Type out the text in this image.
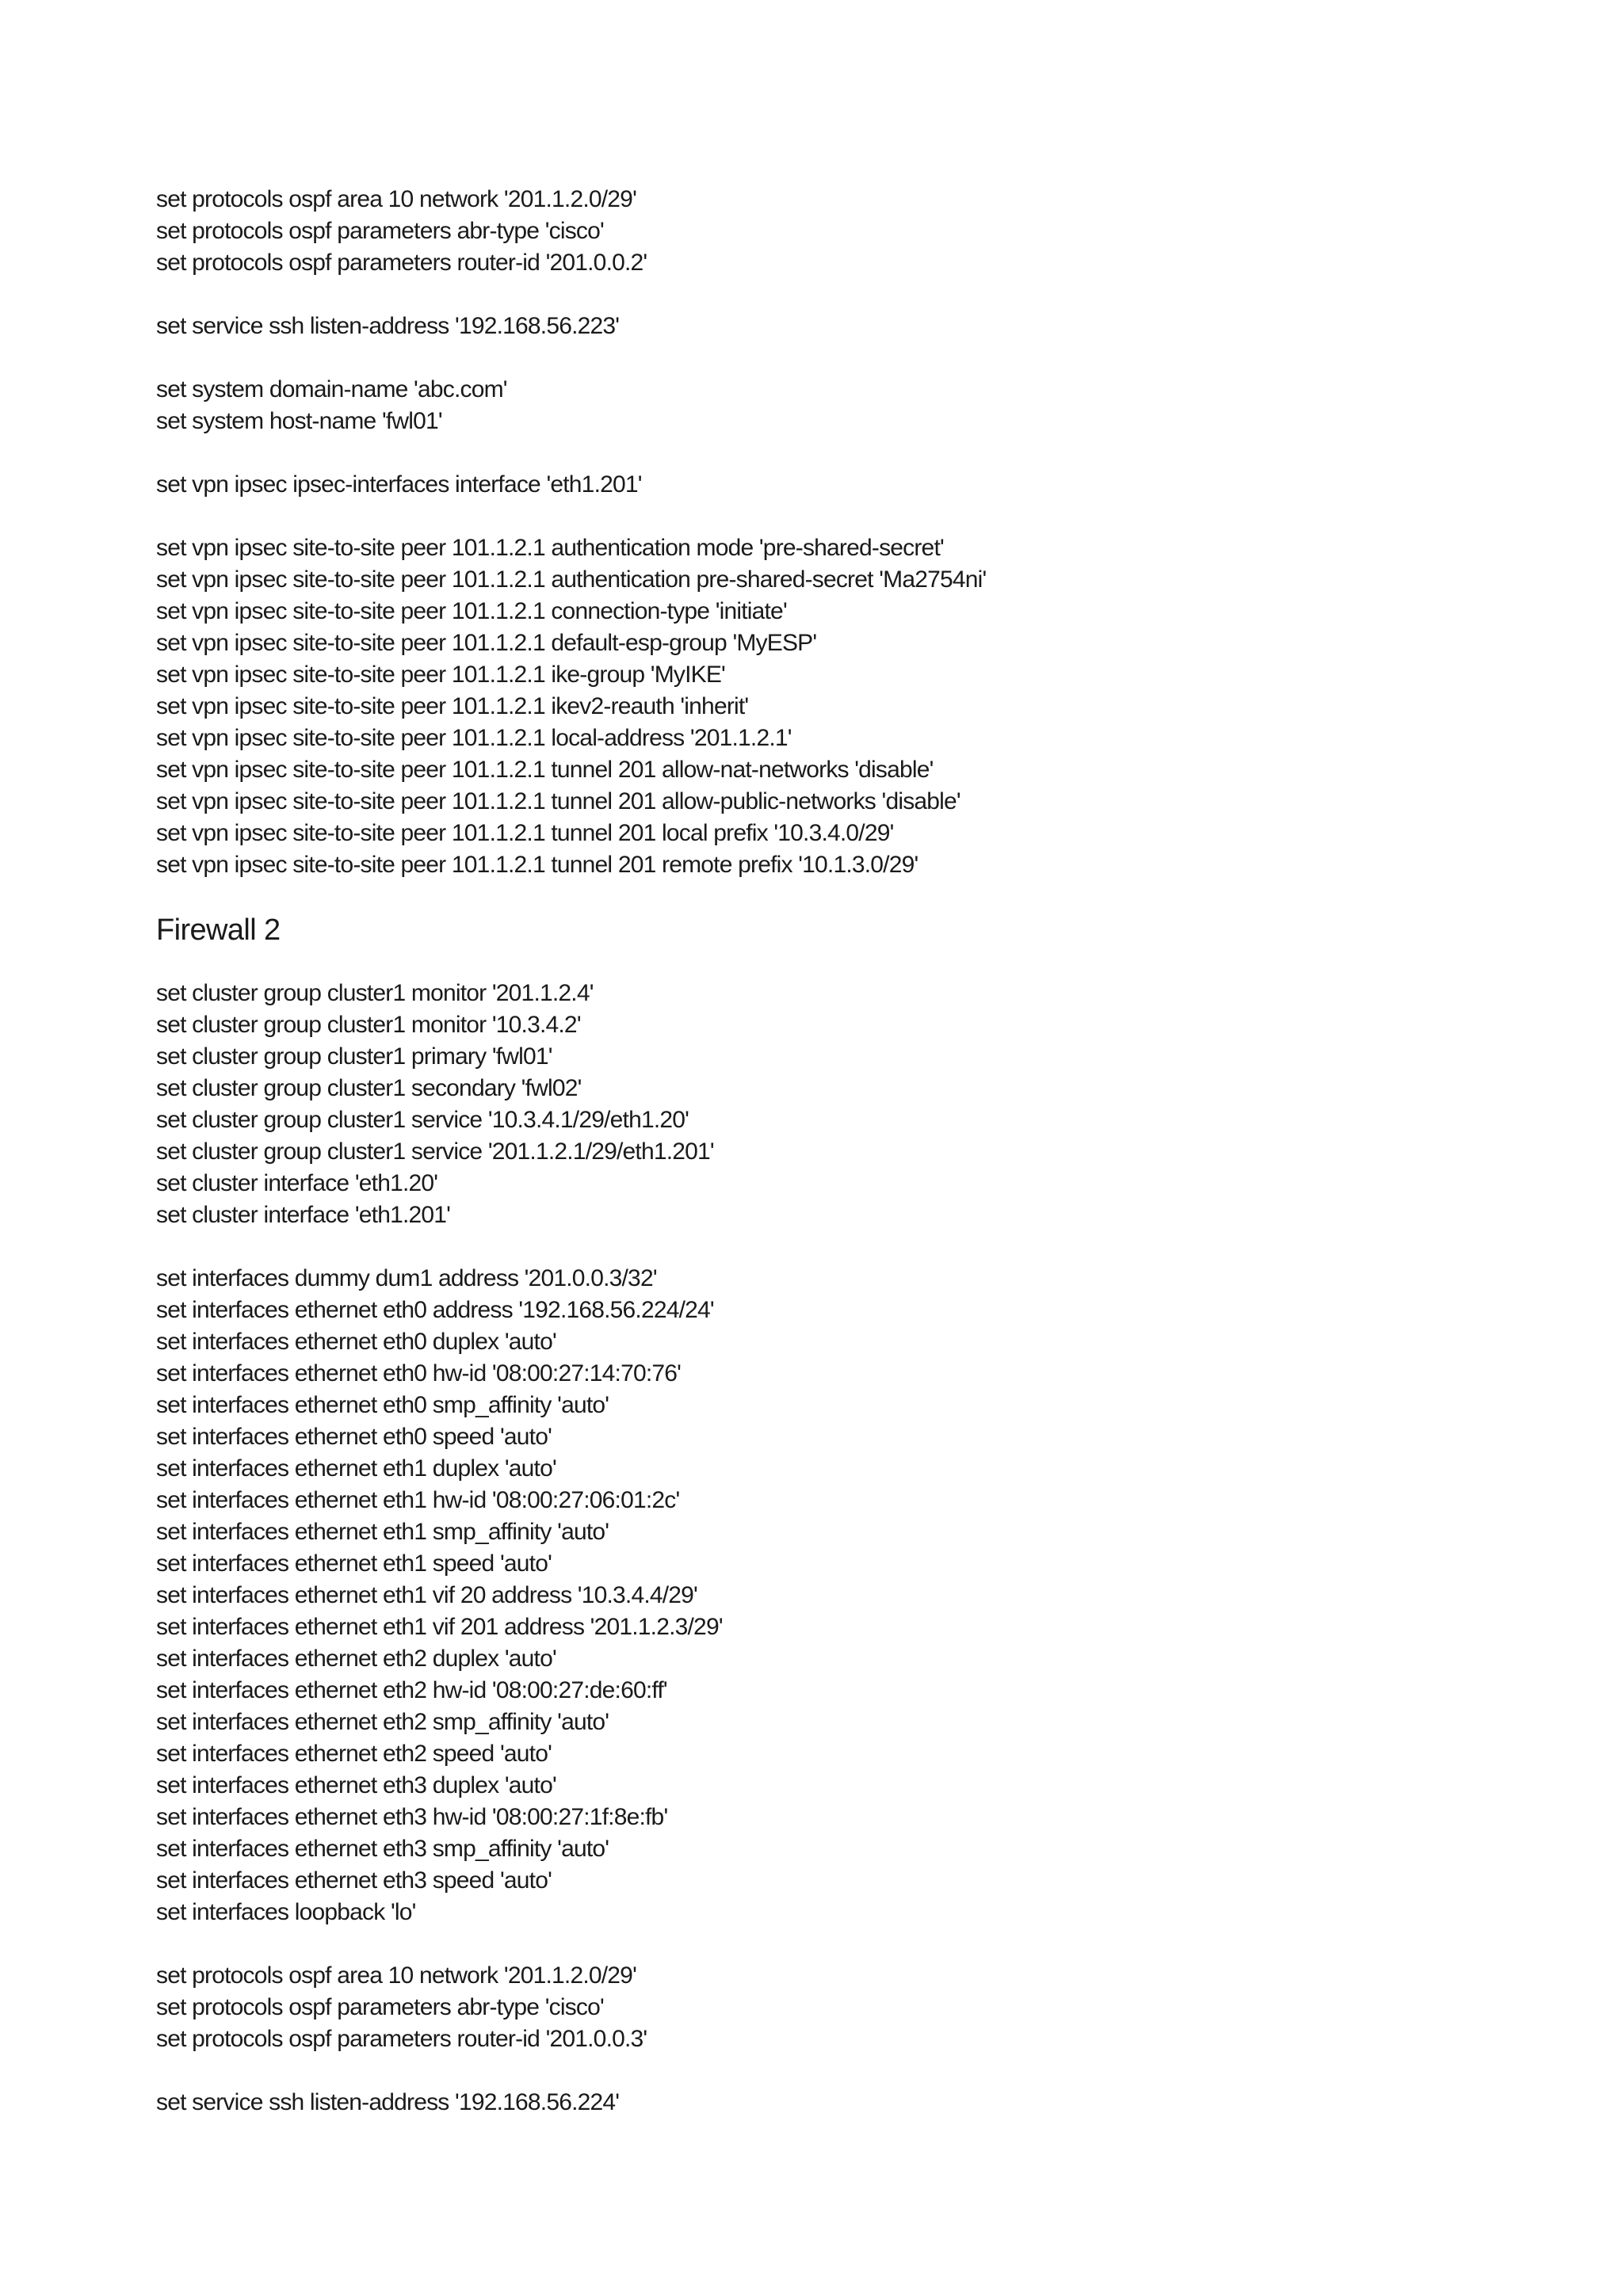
set protocols ospf area 10 network '201.1.2.0/29'
set protocols ospf parameters abr-type 'cisco'
set protocols ospf parameters router-id '201.0.0.2'
set service ssh listen-address '192.168.56.223'
set system domain-name 'abc.com'
set system host-name 'fwl01'
set vpn ipsec ipsec-interfaces interface 'eth1.201'
set vpn ipsec site-to-site peer 101.1.2.1 authentication mode 'pre-shared-secret'
set vpn ipsec site-to-site peer 101.1.2.1 authentication pre-shared-secret 'Ma2754ni'
set vpn ipsec site-to-site peer 101.1.2.1 connection-type 'initiate'
set vpn ipsec site-to-site peer 101.1.2.1 default-esp-group 'MyESP'
set vpn ipsec site-to-site peer 101.1.2.1 ike-group 'MyIKE'
set vpn ipsec site-to-site peer 101.1.2.1 ikev2-reauth 'inherit'
set vpn ipsec site-to-site peer 101.1.2.1 local-address '201.1.2.1'
set vpn ipsec site-to-site peer 101.1.2.1 tunnel 201 allow-nat-networks 'disable'
set vpn ipsec site-to-site peer 101.1.2.1 tunnel 201 allow-public-networks 'disable'
set vpn ipsec site-to-site peer 101.1.2.1 tunnel 201 local prefix '10.3.4.0/29'
set vpn ipsec site-to-site peer 101.1.2.1 tunnel 201 remote prefix '10.1.3.0/29'
Firewall 2
set cluster group cluster1 monitor '201.1.2.4'
set cluster group cluster1 monitor '10.3.4.2'
set cluster group cluster1 primary 'fwl01'
set cluster group cluster1 secondary 'fwl02'
set cluster group cluster1 service '10.3.4.1/29/eth1.20'
set cluster group cluster1 service '201.1.2.1/29/eth1.201'
set cluster interface 'eth1.20'
set cluster interface 'eth1.201'
set interfaces dummy dum1 address '201.0.0.3/32'
set interfaces ethernet eth0 address '192.168.56.224/24'
set interfaces ethernet eth0 duplex 'auto'
set interfaces ethernet eth0 hw-id '08:00:27:14:70:76'
set interfaces ethernet eth0 smp_affinity 'auto'
set interfaces ethernet eth0 speed 'auto'
set interfaces ethernet eth1 duplex 'auto'
set interfaces ethernet eth1 hw-id '08:00:27:06:01:2c'
set interfaces ethernet eth1 smp_affinity 'auto'
set interfaces ethernet eth1 speed 'auto'
set interfaces ethernet eth1 vif 20 address '10.3.4.4/29'
set interfaces ethernet eth1 vif 201 address '201.1.2.3/29'
set interfaces ethernet eth2 duplex 'auto'
set interfaces ethernet eth2 hw-id '08:00:27:de:60:ff'
set interfaces ethernet eth2 smp_affinity 'auto'
set interfaces ethernet eth2 speed 'auto'
set interfaces ethernet eth3 duplex 'auto'
set interfaces ethernet eth3 hw-id '08:00:27:1f:8e:fb'
set interfaces ethernet eth3 smp_affinity 'auto'
set interfaces ethernet eth3 speed 'auto'
set interfaces loopback 'lo'
set protocols ospf area 10 network '201.1.2.0/29'
set protocols ospf parameters abr-type 'cisco'
set protocols ospf parameters router-id '201.0.0.3'
set service ssh listen-address '192.168.56.224'
